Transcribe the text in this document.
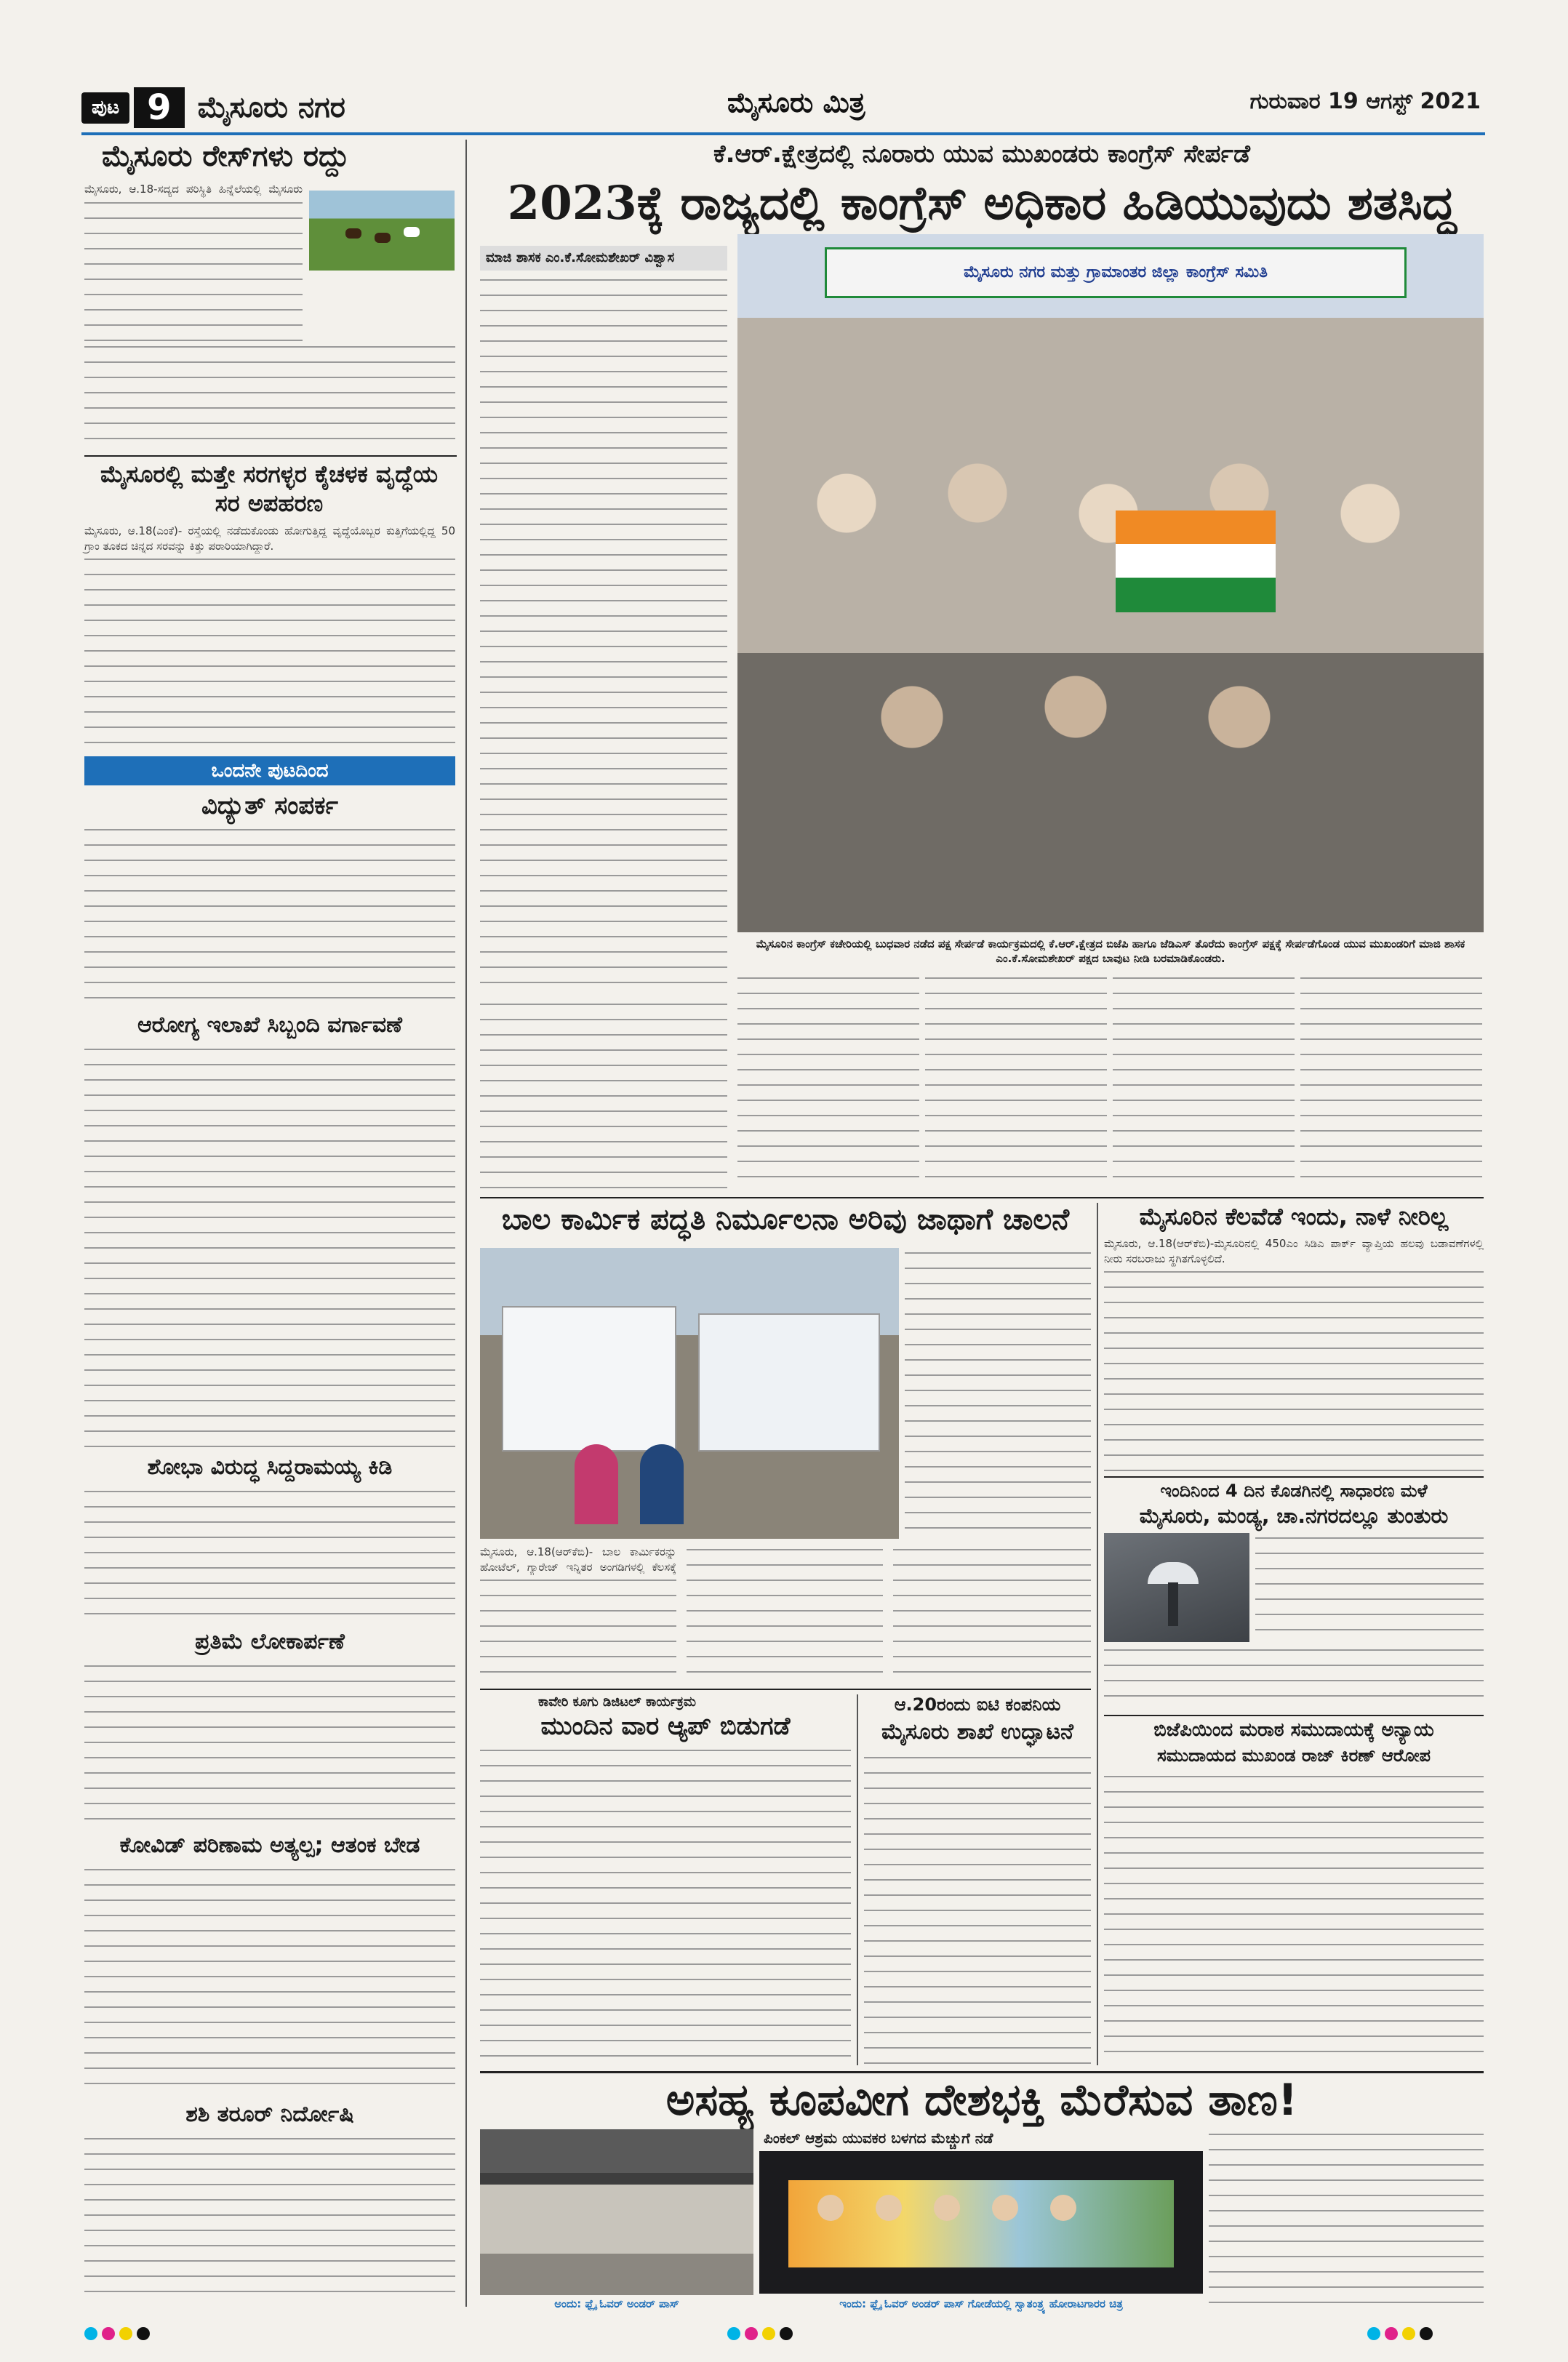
ಪುಟ 9 ಮೈಸೂರು ನಗರ	ಮೈಸೂರು ಮಿತ್ರ	ಗುರುವಾರ 19 ಆಗಸ್ಟ್ 2021
ಮೈಸೂರು ರೇಸ್‌ಗಳು ರದ್ದು
ಮೈಸೂರು, ಆ.18-ಸದ್ಯದ ಪರಿಸ್ಥಿತಿ ಹಿನ್ನೆಲೆಯಲ್ಲಿ ಮೈಸೂರು
ಮೈಸೂರಲ್ಲಿ ಮತ್ತೇ ಸರಗಳ್ಳರ ಕೈಚಳಕ ವೃದ್ಧೆಯ ಸರ ಅಪಹರಣ
ಮೈಸೂರು, ಆ.18(ಎಂಕೆ)- ರಸ್ತೆಯಲ್ಲಿ ನಡೆದುಕೊಂಡು ಹೋಗುತ್ತಿದ್ದ ವೃದ್ಧೆಯೊಬ್ಬರ ಕುತ್ತಿಗೆಯಲ್ಲಿದ್ದ 50 ಗ್ರಾಂ ತೂಕದ ಚಿನ್ನದ ಸರವನ್ನು ಕಿತ್ತು ಪರಾರಿಯಾಗಿದ್ದಾರೆ.
ಒಂದನೇ ಪುಟದಿಂದ
ವಿದ್ಯುತ್ ಸಂಪರ್ಕ
ಆರೋಗ್ಯ ಇಲಾಖೆ ಸಿಬ್ಬಂದಿ ವರ್ಗಾವಣೆ
ಶೋಭಾ ವಿರುದ್ಧ ಸಿದ್ದರಾಮಯ್ಯ ಕಿಡಿ
ಪ್ರತಿಮೆ ಲೋಕಾರ್ಪಣೆ
ಕೋವಿಡ್ ಪರಿಣಾಮ ಅತ್ಯಲ್ಪ; ಆತಂಕ ಬೇಡ
ಶಶಿ ತರೂರ್ ನಿರ್ದೋಷಿ
ಕೆ.ಆರ್.ಕ್ಷೇತ್ರದಲ್ಲಿ ನೂರಾರು ಯುವ ಮುಖಂಡರು ಕಾಂಗ್ರೆಸ್ ಸೇರ್ಪಡೆ
2023ಕ್ಕೆ ರಾಜ್ಯದಲ್ಲಿ ಕಾಂಗ್ರೆಸ್ ಅಧಿಕಾರ ಹಿಡಿಯುವುದು ಶತಸಿದ್ಧ
ಮಾಜಿ ಶಾಸಕ ಎಂ.ಕೆ.ಸೋಮಶೇಖರ್ ವಿಶ್ವಾಸ
ಮೈಸೂರು ನಗರ ಮತ್ತು ಗ್ರಾಮಾಂತರ ಜಿಲ್ಲಾ ಕಾಂಗ್ರೆಸ್ ಸಮಿತಿ
ಮೈಸೂರಿನ ಕಾಂಗ್ರೆಸ್ ಕಚೇರಿಯಲ್ಲಿ ಬುಧವಾರ ನಡೆದ ಪಕ್ಷ ಸೇರ್ಪಡೆ ಕಾರ್ಯಕ್ರಮದಲ್ಲಿ ಕೆ.ಆರ್.ಕ್ಷೇತ್ರದ ಬಿಜೆಪಿ ಹಾಗೂ ಜೆಡಿಎಸ್ ತೊರೆದು ಕಾಂಗ್ರೆಸ್ ಪಕ್ಷಕ್ಕೆ ಸೇರ್ಪಡೆಗೊಂಡ ಯುವ ಮುಖಂಡರಿಗೆ ಮಾಜಿ ಶಾಸಕ ಎಂ.ಕೆ.ಸೋಮಶೇಖರ್ ಪಕ್ಷದ ಬಾವುಟ ನೀಡಿ ಬರಮಾಡಿಕೊಂಡರು.
ಬಾಲ ಕಾರ್ಮಿಕ ಪದ್ಧತಿ ನಿರ್ಮೂಲನಾ ಅರಿವು ಜಾಥಾಗೆ ಚಾಲನೆ
ಮೈಸೂರು, ಆ.18(ಆರ್‌ಕೆಬಿ)- ಬಾಲ ಕಾರ್ಮಿಕರನ್ನು ಹೋಟೆಲ್, ಗ್ಯಾರೇಜ್ ಇನ್ನಿತರ ಅಂಗಡಿಗಳಲ್ಲಿ ಕೆಲಸಕ್ಕೆ
ಕಾವೇರಿ ಕೂಗು ಡಿಜಿಟಲ್ ಕಾರ್ಯಕ್ರಮ
ಮುಂದಿನ ವಾರ ಆ್ಯಪ್ ಬಿಡುಗಡೆ
ಆ.20ರಂದು ಐಟಿ ಕಂಪನಿಯ
ಮೈಸೂರು ಶಾಖೆ ಉದ್ಘಾಟನೆ
ಮೈಸೂರಿನ ಕೆಲವೆಡೆ ಇಂದು, ನಾಳೆ ನೀರಿಲ್ಲ
ಮೈಸೂರು, ಆ.18(ಆರ್‌ಕೆಬಿ)-ಮೈಸೂರಿನಲ್ಲಿ 450ಎಂ ಸಿಡಿಎ ಪಾರ್ಕ್ ವ್ಯಾಪ್ತಿಯ ಹಲವು ಬಡಾವಣೆಗಳಲ್ಲಿ ನೀರು ಸರಬರಾಜು ಸ್ಥಗಿತಗೊಳ್ಳಲಿದೆ.
ಇಂದಿನಿಂದ 4 ದಿನ ಕೊಡಗಿನಲ್ಲಿ ಸಾಧಾರಣ ಮಳೆ
ಮೈಸೂರು, ಮಂಡ್ಯ, ಚಾ.ನಗರದಲ್ಲೂ ತುಂತುರು
ಬಿಜೆಪಿಯಿಂದ ಮರಾಠ ಸಮುದಾಯಕ್ಕೆ ಅನ್ಯಾಯ
ಸಮುದಾಯದ ಮುಖಂಡ ರಾಜ್ ಕಿರಣ್ ಆರೋಪ
ಅಸಹ್ಯ ಕೂಪವೀಗ ದೇಶಭಕ್ತಿ ಮೆರೆಸುವ ತಾಣ!
ಪಿಂಕಲ್ ಆಶ್ರಮ ಯುವಕರ ಬಳಗದ ಮೆಚ್ಚುಗೆ ನಡೆ
ಅಂದು: ಫ್ಲೈ ಓವರ್ ಅಂಡರ್ ಪಾಸ್	ಇಂದು: ಫ್ಲೈ ಓವರ್ ಅಂಡರ್ ಪಾಸ್ ಗೋಡೆಯಲ್ಲಿ ಸ್ವಾತಂತ್ರ್ಯ ಹೋರಾಟಗಾರರ ಚಿತ್ರ
